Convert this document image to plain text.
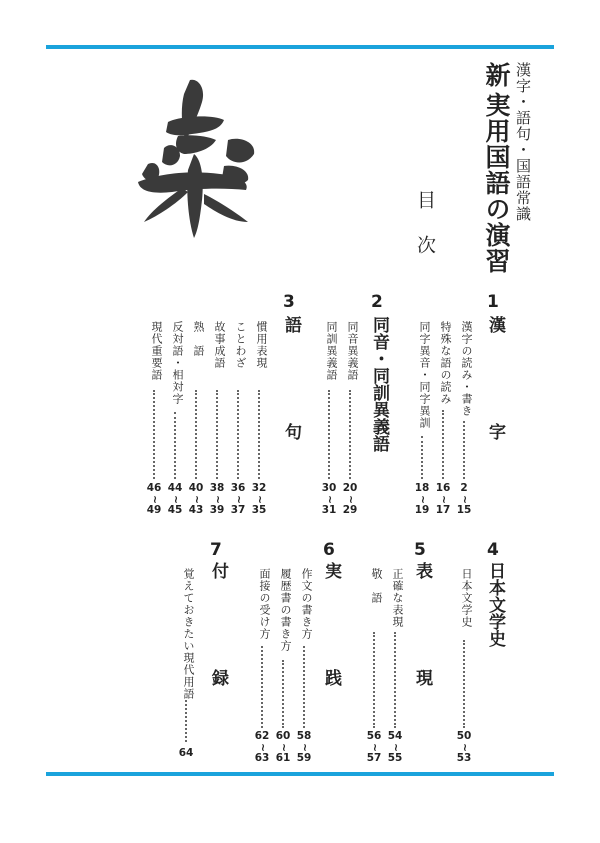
漢字・語句・国語常識
新
実用国語の演習
目次
1
漢 字
漢字の読み・書き
2
~
15
特殊な語の読み
16
~
17
同字異音・同字異訓
18
~
19
2
同音・同訓異義語
同音異義語
20
~
29
同訓異義語
30
~
31
3
語 句
慣用表現
32
~
35
ことわざ
36
~
37
故事成語
38
~
39
熟　語
40
~
43
反対語・相対字
44
~
45
現代重要語
46
~
49
4
日本文学史
日本文学史
50
~
53
5
表 現
正確な表現
54
~
55
敬　語
56
~
57
6
実 践
作文の書き方
58
~
59
履歴書の書き方
60
~
61
面接の受け方
62
~
63
7
付 録
覚えておきたい現代用語
64
